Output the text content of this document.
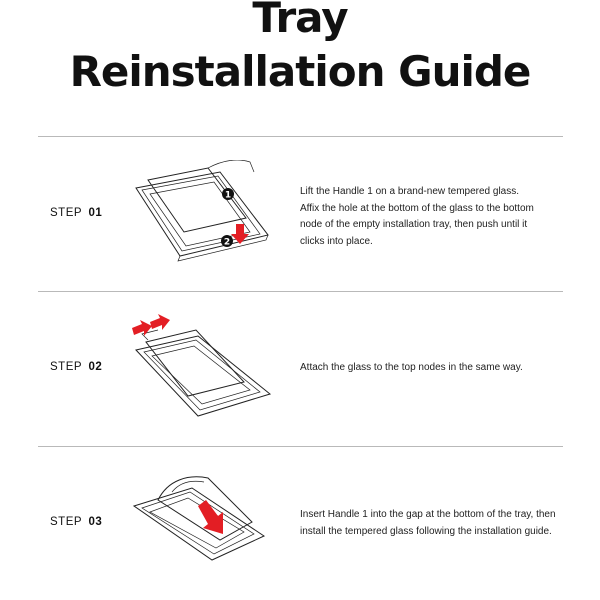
Tray
Reinstallation Guide
STEP 01
1
2
Lift the Handle 1 on a brand-new tempered glass.
Affix the hole at the bottom of the glass to the bottom
node of the empty installation tray, then push until it
clicks into place.
STEP 02	Attach the glass to the top nodes in the same way.
STEP 03
Insert Handle 1 into the gap at the bottom of the tray, then
install the tempered glass following the installation guide.
